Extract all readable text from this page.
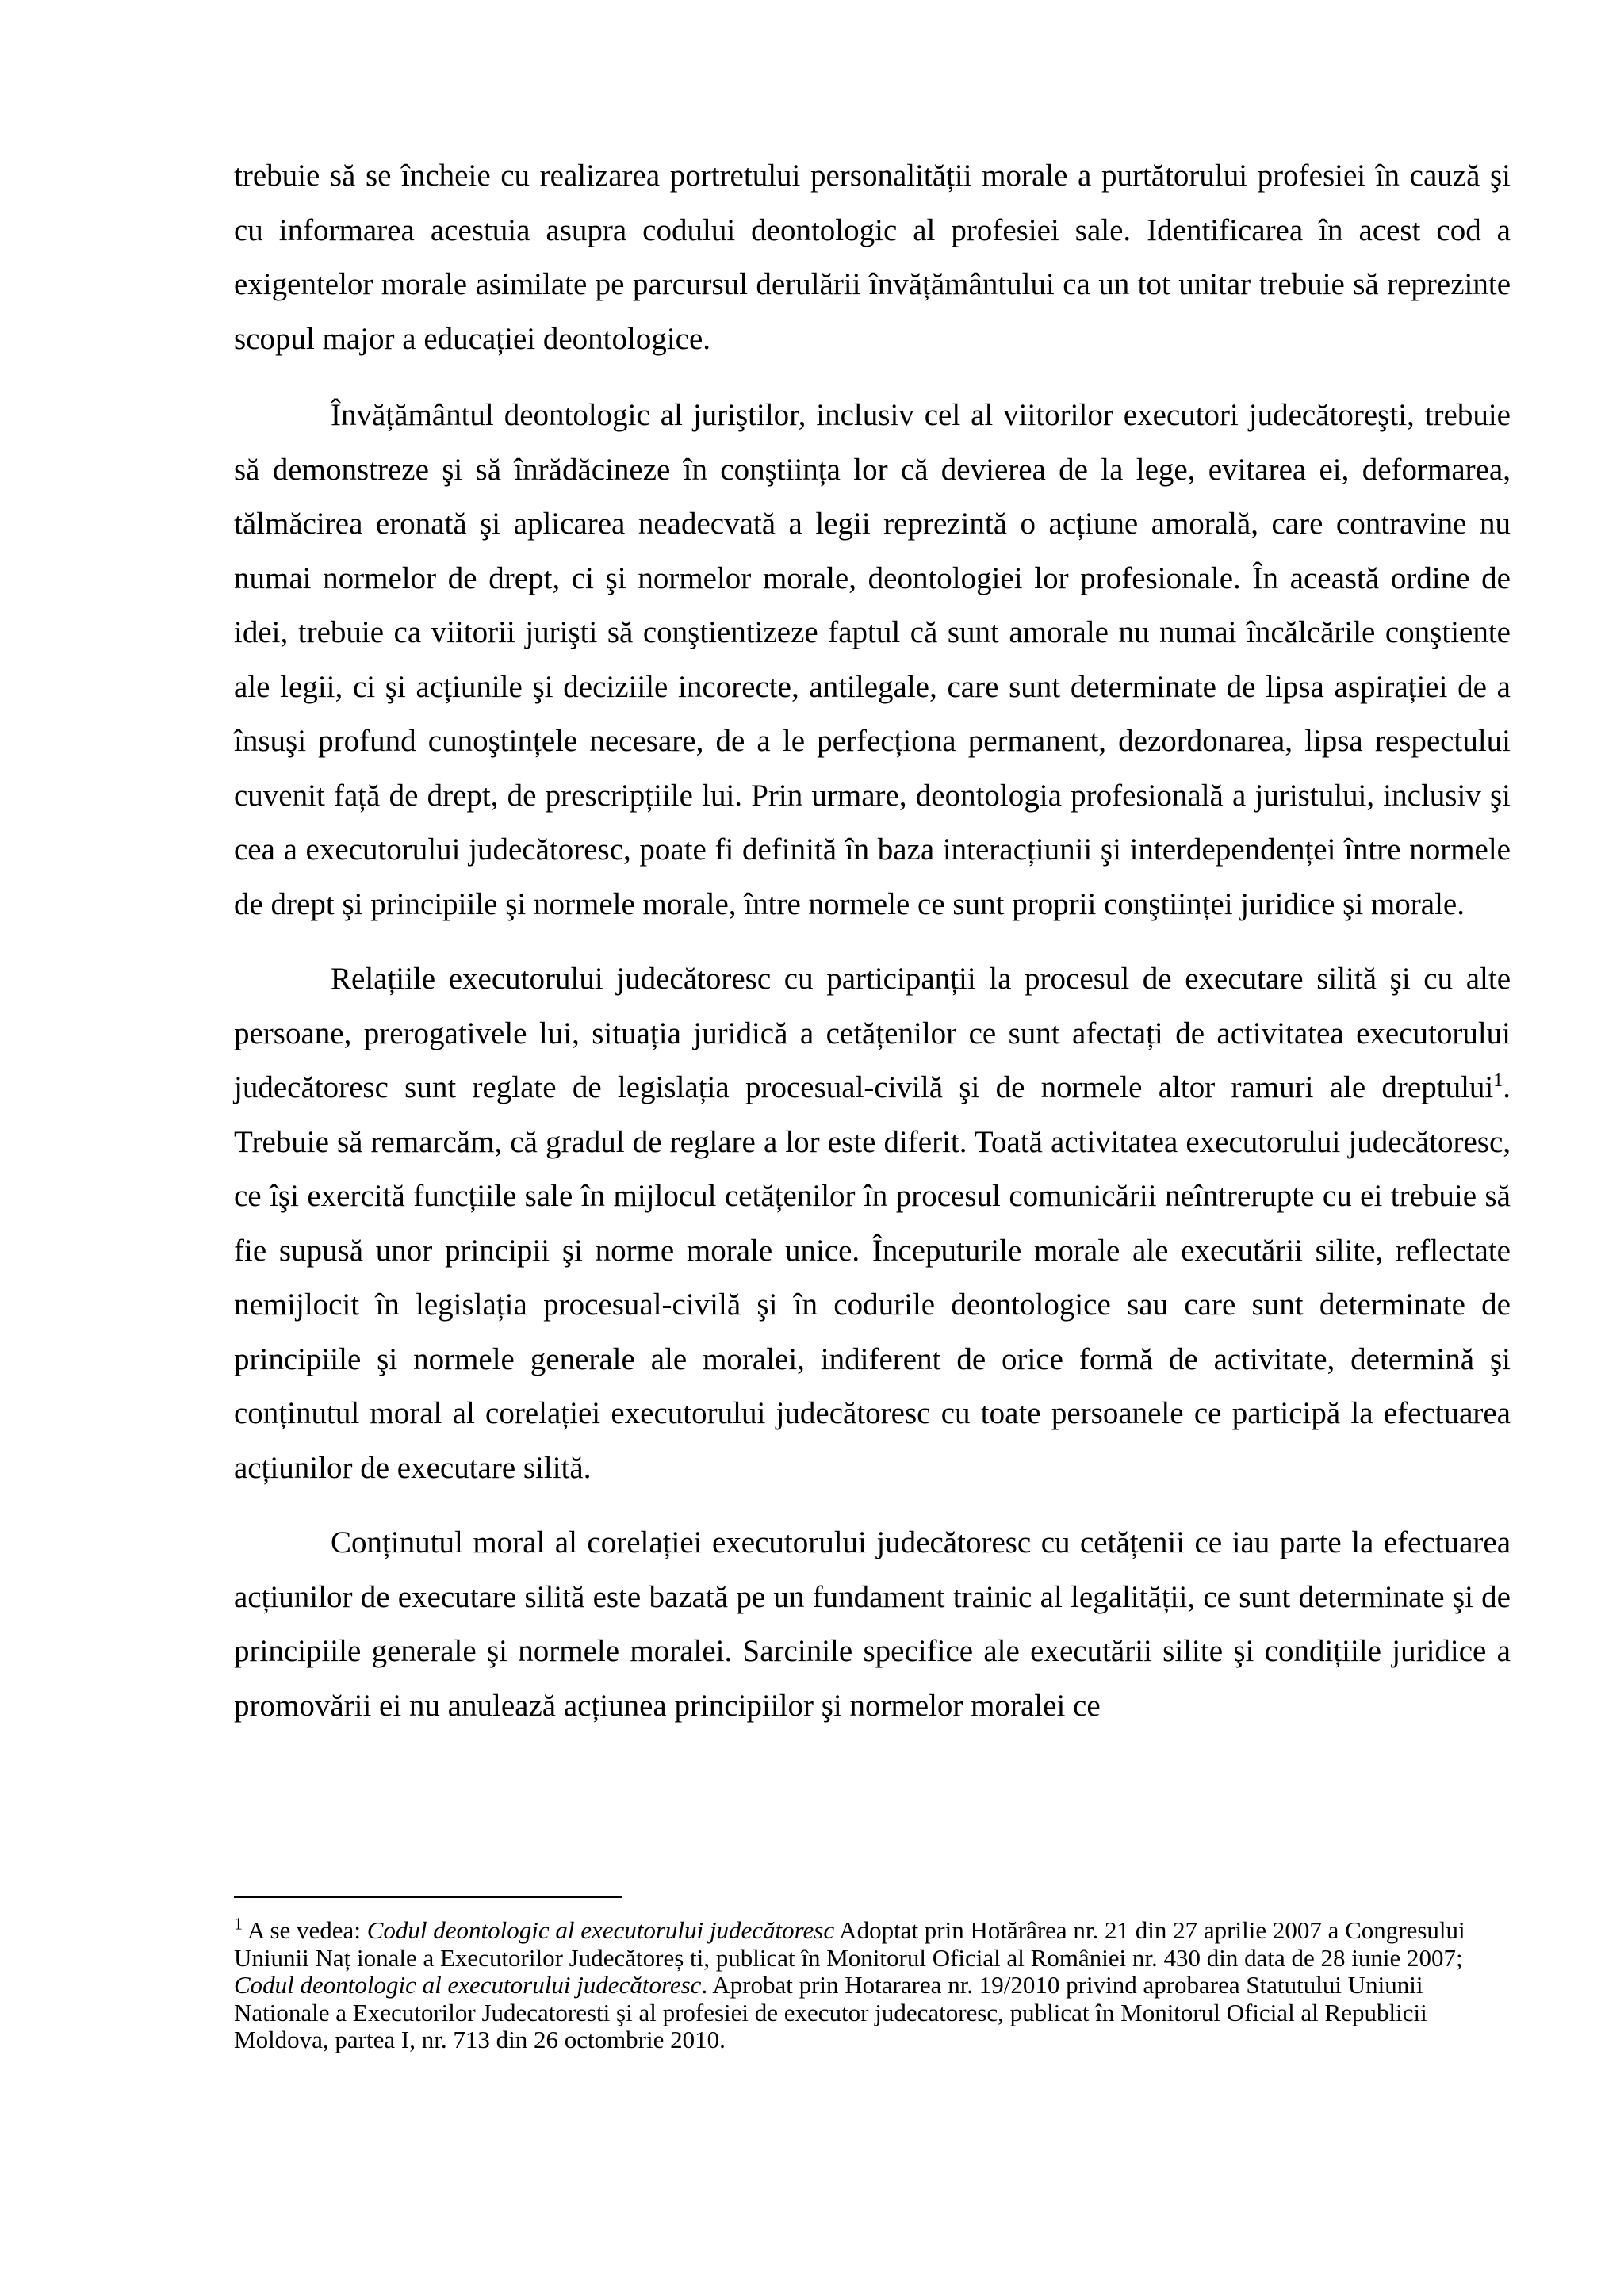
trebuie să se încheie cu realizarea portretului personalității morale a purtătorului profesiei în cauză şi cu informarea acestuia asupra codului deontologic al profesiei sale. Identificarea în acest cod a exigentelor morale asimilate pe parcursul derulării învățământului ca un tot unitar trebuie să reprezinte scopul major a educației deontologice.

Învățământul deontologic al juriştilor, inclusiv cel al viitorilor executori judecătoreşti, trebuie să demonstreze şi să înrădăcineze în conştiința lor că devierea de la lege, evitarea ei, deformarea, tălmăcirea eronată şi aplicarea neadecvată a legii reprezintă o acțiune amorală, care contravine nu numai normelor de drept, ci şi normelor morale, deontologiei lor profesionale. În această ordine de idei, trebuie ca viitorii jurişti să conştientizeze faptul că sunt amorale nu numai încălcările conştiente ale legii, ci şi acțiunile şi deciziile incorecte, antilegale, care sunt determinate de lipsa aspirației de a însuşi profund cunoştințele necesare, de a le perfecționa permanent, dezordonarea, lipsa respectului cuvenit față de drept, de prescripțiile lui. Prin urmare, deontologia profesională a juristului, inclusiv şi cea a executorului judecătoresc, poate fi definită în baza interacțiunii şi interdependenței între normele de drept şi principiile şi normele morale, între normele ce sunt proprii conştiinței juridice şi morale.

Relațiile executorului judecătoresc cu participanții la procesul de executare silită şi cu alte persoane, prerogativele lui, situația juridică a cetățenilor ce sunt afectați de activitatea executorului judecătoresc sunt reglate de legislația procesual-civilă şi de normele altor ramuri ale dreptului$^1$. Trebuie să remarcăm, că gradul de reglare a lor este diferit. Toată activitatea executorului judecătoresc, ce îşi exercită funcțiile sale în mijlocul cetățenilor în procesul comunicării neîntrerupte cu ei trebuie să fie supusă unor principii şi norme morale unice. Începuturile morale ale executării silite, reflectate nemijlocit în legislația procesual-civilă şi în codurile deontologice sau care sunt determinate de principiile şi normele generale ale moralei, indiferent de orice formă de activitate, determină şi conținutul moral al corelației executorului judecătoresc cu toate persoanele ce participă la efectuarea acțiunilor de executare silită.

Conținutul moral al corelației executorului judecătoresc cu cetățenii ce iau parte la efectuarea acțiunilor de executare silită este bazată pe un fundament trainic al legalității, ce sunt determinate şi de principiile generale şi normele moralei. Sarcinile specifice ale executării silite şi condițiile juridice a promovării ei nu anulează acțiunea principiilor şi normelor moralei ce

$^1$ A se vedea: Codul deontologic al executorului judecătoresc Adoptat prin Hotărârea nr. 21 din 27 aprilie 2007 a Congresului Uniunii Naț ionale a Executorilor Judecătoreș ti, publicat în Monitorul Oficial al României nr. 430 din data de 28 iunie 2007; Codul deontologic al executorului judecătoresc. Aprobat prin Hotararea nr. 19/2010 privind aprobarea Statutului Uniunii Nationale a Executorilor Judecatoresti şi al profesiei de executor judecatoresc, publicat în Monitorul Oficial al Republicii Moldova, partea I, nr. 713 din 26 octombrie 2010.
